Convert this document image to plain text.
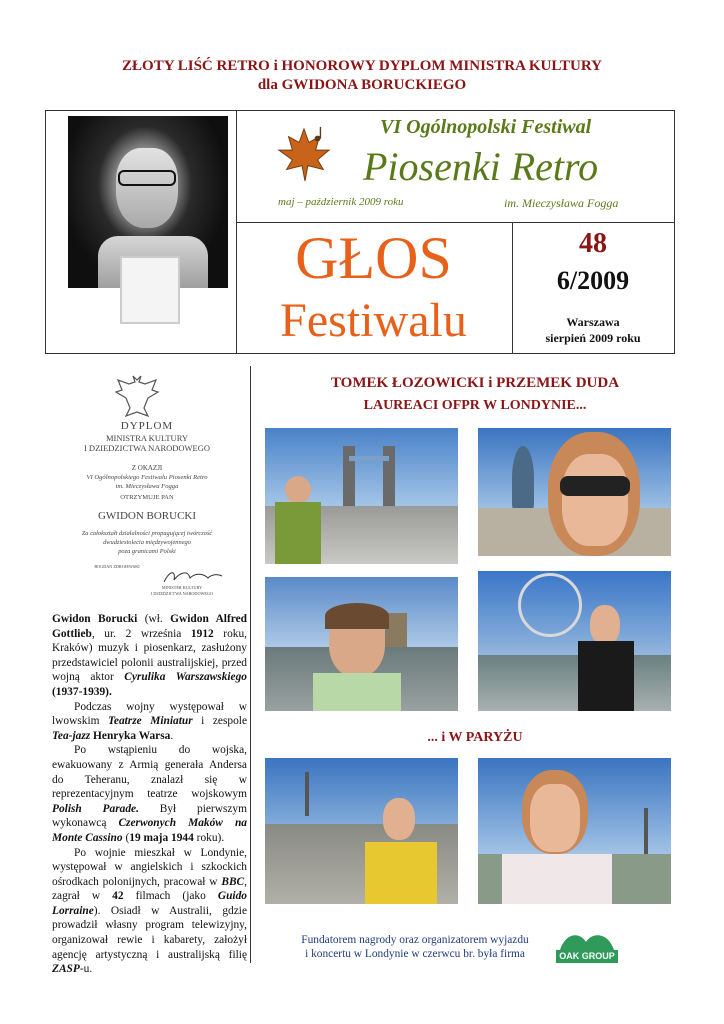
ZŁOTY LIŚĆ RETRO i HONOROWY DYPLOM MINISTRA KULTURY
dla GWIDONA BORUCKIEGO
VI Ogólnopolski Festiwal
Piosenki Retro
maj – październik 2009 roku	im. Mieczysława Fogga
GŁOS
Festiwalu
48
6/2009
Warszawa
sierpień 2009 roku
DYPLOM
MINISTRA KULTURY
I DZIEDZICTWA NARODOWEGO
Z OKAZJI
VI Ogólnopolskiego Festiwalu Piosenki Retro
im. Mieczysława Fogga
OTRZYMUJE PAN
GWIDON BORUCKI
Za całokształt działalności propagującej twórczość
dwudziestolecia międzywojennego
poza granicami Polski
BOGDAN ZDROJEWSKI
MINISTER KULTURY
I DZIEDZICTWA NARODOWEGO

Gwidon Borucki (wł. Gwidon Alfred Gottlieb, ur. 2 września 1912 roku, Kraków) muzyk i piosenkarz, zasłużony przedstawiciel polonii australijskiej, przed wojną aktor Cyrulika Warszawskiego (1937-1939).

Podczas wojny występował w lwowskim Teatrze Miniatur i zespole Tea-jazz Henryka Warsa.

Po wstąpieniu do wojska, ewakuowany z Armią generała Andersa do Teheranu, znalazł się w reprezentacyjnym teatrze wojskowym Polish Parade. Był pierwszym wykonawcą Czerwonych Maków na Monte Cassino (19 maja 1944 roku).

Po wojnie mieszkał w Londynie, występował w angielskich i szkockich ośrodkach polonijnych, pracował w BBC, zagrał w 42 filmach (jako Guido Lorraine). Osiadł w Australii, gdzie prowadził własny program telewizyjny, organizował rewie i kabarety, założył agencję artystyczną i australijską filię ZASP-u.

TOMEK ŁOZOWICKI i PRZEMEK DUDA
LAUREACI OFPR W LONDYNIE...
... i W PARYŻU
Fundatorem nagrody oraz organizatorem wyjazdu
i koncertu w Londynie w czerwcu br. była firma	OAK GROUP
